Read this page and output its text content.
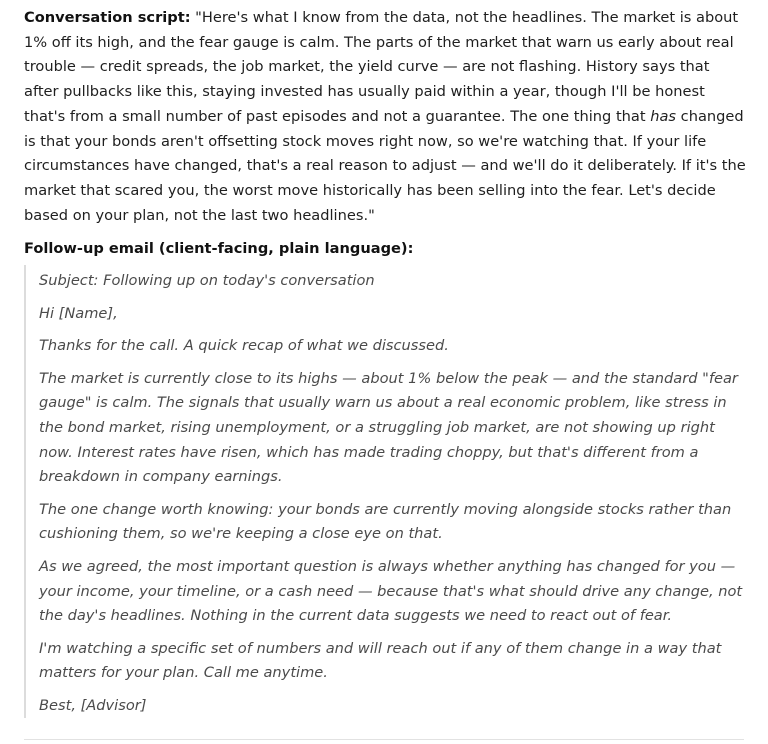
Conversation script: "Here's what I know from the data, not the headlines. The market is about 1% off its high, and the fear gauge is calm. The parts of the market that warn us early about real trouble — credit spreads, the job market, the yield curve — are not flashing. History says that after pullbacks like this, staying invested has usually paid within a year, though I'll be honest that's from a small number of past episodes and not a guarantee. The one thing that has changed is that your bonds aren't offsetting stock moves right now, so we're watching that. If your life circumstances have changed, that's a real reason to adjust — and we'll do it deliberately. If it's the market that scared you, the worst move historically has been selling into the fear. Let's decide based on your plan, not the last two headlines."

Follow-up email (client-facing, plain language):

Subject: Following up on today's conversation

Hi [Name],

Thanks for the call. A quick recap of what we discussed.

The market is currently close to its highs — about 1% below the peak — and the standard "fear gauge" is calm. The signals that usually warn us about a real economic problem, like stress in the bond market, rising unemployment, or a struggling job market, are not showing up right now. Interest rates have risen, which has made trading choppy, but that's different from a breakdown in company earnings.

The one change worth knowing: your bonds are currently moving alongside stocks rather than cushioning them, so we're keeping a close eye on that.

As we agreed, the most important question is always whether anything has changed for you — your income, your timeline, or a cash need — because that's what should drive any change, not the day's headlines. Nothing in the current data suggests we need to react out of fear.

I'm watching a specific set of numbers and will reach out if any of them change in a way that matters for your plan. Call me anytime.

Best, [Advisor]
